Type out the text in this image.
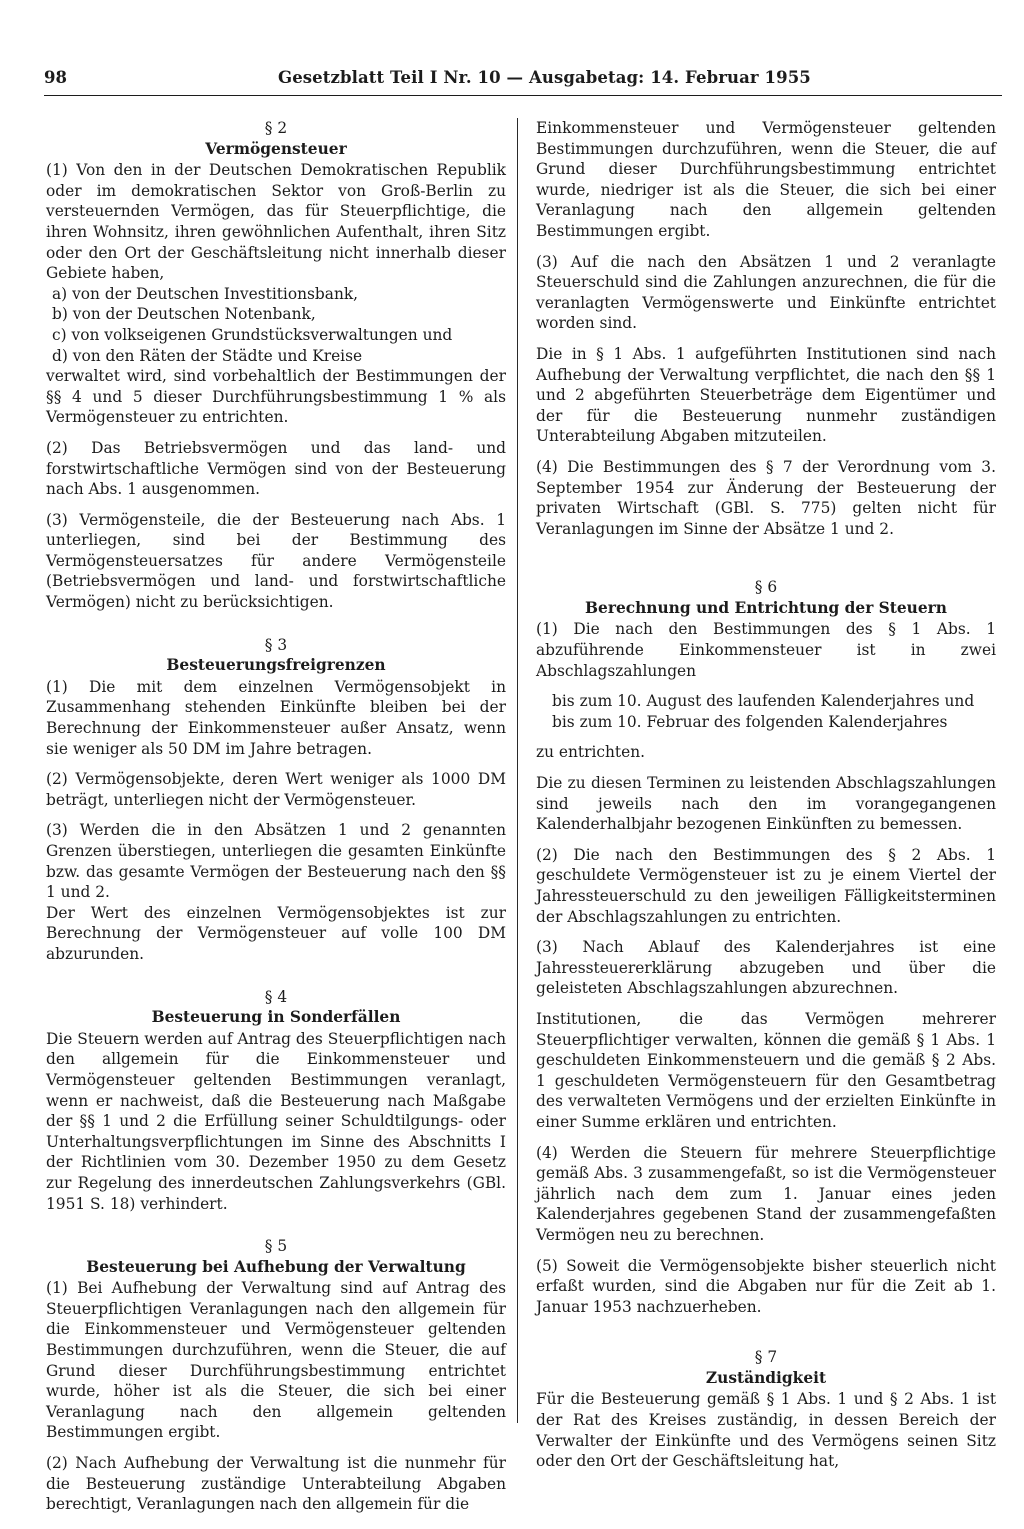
98	Gesetzblatt Teil I Nr. 10 — Ausgabetag: 14. Februar 1955
§ 2
Vermögensteuer

(1) Von den in der Deutschen Demokratischen Republik oder im demokratischen Sektor von Groß-Berlin zu versteuernden Vermögen, das für Steuerpflichtige, die ihren Wohnsitz, ihren gewöhnlichen Aufenthalt, ihren Sitz oder den Ort der Geschäftsleitung nicht innerhalb dieser Gebiete haben,

a) von der Deutschen Investitionsbank,
b) von der Deutschen Notenbank,
c) von volkseigenen Grundstücksverwaltungen und
d) von den Räten der Städte und Kreise

verwaltet wird, sind vorbehaltlich der Bestimmungen der §§ 4 und 5 dieser Durchführungsbestimmung 1 % als Vermögensteuer zu entrichten.

(2) Das Betriebsvermögen und das land- und forstwirtschaftliche Vermögen sind von der Besteuerung nach Abs. 1 ausgenommen.

(3) Vermögensteile, die der Besteuerung nach Abs. 1 unterliegen, sind bei der Bestimmung des Vermögensteuersatzes für andere Vermögensteile (Betriebsvermögen und land- und forstwirtschaftliche Vermögen) nicht zu berücksichtigen.

§ 3
Besteuerungsfreigrenzen

(1) Die mit dem einzelnen Vermögensobjekt in Zusammenhang stehenden Einkünfte bleiben bei der Berechnung der Einkommensteuer außer Ansatz, wenn sie weniger als 50 DM im Jahre betragen.

(2) Vermögensobjekte, deren Wert weniger als 1000 DM beträgt, unterliegen nicht der Vermögensteuer.

(3) Werden die in den Absätzen 1 und 2 genannten Grenzen überstiegen, unterliegen die gesamten Einkünfte bzw. das gesamte Vermögen der Besteuerung nach den §§ 1 und 2.

Der Wert des einzelnen Vermögensobjektes ist zur Berechnung der Vermögensteuer auf volle 100 DM abzurunden.

§ 4
Besteuerung in Sonderfällen

Die Steuern werden auf Antrag des Steuerpflichtigen nach den allgemein für die Einkommensteuer und Vermögensteuer geltenden Bestimmungen veranlagt, wenn er nachweist, daß die Besteuerung nach Maßgabe der §§ 1 und 2 die Erfüllung seiner Schuldtilgungs- oder Unterhaltungsverpflichtungen im Sinne des Abschnitts I der Richtlinien vom 30. Dezember 1950 zu dem Gesetz zur Regelung des innerdeutschen Zahlungsverkehrs (GBl. 1951 S. 18) verhindert.

§ 5
Besteuerung bei Aufhebung der Verwaltung

(1) Bei Aufhebung der Verwaltung sind auf Antrag des Steuerpflichtigen Veranlagungen nach den allgemein für die Einkommensteuer und Vermögensteuer geltenden Bestimmungen durchzuführen, wenn die Steuer, die auf Grund dieser Durchführungsbestimmung entrichtet wurde, höher ist als die Steuer, die sich bei einer Veranlagung nach den allgemein geltenden Bestimmungen ergibt.

(2) Nach Aufhebung der Verwaltung ist die nunmehr für die Besteuerung zuständige Unterabteilung Abgaben berechtigt, Veranlagungen nach den allgemein für die

Einkommensteuer und Vermögensteuer geltenden Bestimmungen durchzuführen, wenn die Steuer, die auf Grund dieser Durchführungsbestimmung entrichtet wurde, niedriger ist als die Steuer, die sich bei einer Veranlagung nach den allgemein geltenden Bestimmungen ergibt.

(3) Auf die nach den Absätzen 1 und 2 veranlagte Steuerschuld sind die Zahlungen anzurechnen, die für die veranlagten Vermögenswerte und Einkünfte entrichtet worden sind.

Die in § 1 Abs. 1 aufgeführten Institutionen sind nach Aufhebung der Verwaltung verpflichtet, die nach den §§ 1 und 2 abgeführten Steuerbeträge dem Eigentümer und der für die Besteuerung nunmehr zuständigen Unterabteilung Abgaben mitzuteilen.

(4) Die Bestimmungen des § 7 der Verordnung vom 3. September 1954 zur Änderung der Besteuerung der privaten Wirtschaft (GBl. S. 775) gelten nicht für Veranlagungen im Sinne der Absätze 1 und 2.

§ 6
Berechnung und Entrichtung der Steuern

(1) Die nach den Bestimmungen des § 1 Abs. 1 abzuführende Einkommensteuer ist in zwei Abschlagszahlungen

bis zum 10. August des laufenden Kalenderjahres und
bis zum 10. Februar des folgenden Kalenderjahres

zu entrichten.

Die zu diesen Terminen zu leistenden Abschlagszahlungen sind jeweils nach den im vorangegangenen Kalenderhalbjahr bezogenen Einkünften zu bemessen.

(2) Die nach den Bestimmungen des § 2 Abs. 1 geschuldete Vermögensteuer ist zu je einem Viertel der Jahressteuerschuld zu den jeweiligen Fälligkeitsterminen der Abschlagszahlungen zu entrichten.

(3) Nach Ablauf des Kalenderjahres ist eine Jahressteuererklärung abzugeben und über die geleisteten Abschlagszahlungen abzurechnen.

Institutionen, die das Vermögen mehrerer Steuerpflichtiger verwalten, können die gemäß § 1 Abs. 1 geschuldeten Einkommensteuern und die gemäß § 2 Abs. 1 geschuldeten Vermögensteuern für den Gesamtbetrag des verwalteten Vermögens und der erzielten Einkünfte in einer Summe erklären und entrichten.

(4) Werden die Steuern für mehrere Steuerpflichtige gemäß Abs. 3 zusammengefaßt, so ist die Vermögensteuer jährlich nach dem zum 1. Januar eines jeden Kalenderjahres gegebenen Stand der zusammengefaßten Vermögen neu zu berechnen.

(5) Soweit die Vermögensobjekte bisher steuerlich nicht erfaßt wurden, sind die Abgaben nur für die Zeit ab 1. Januar 1953 nachzuerheben.

§ 7
Zuständigkeit

Für die Besteuerung gemäß § 1 Abs. 1 und § 2 Abs. 1 ist der Rat des Kreises zuständig, in dessen Bereich der Verwalter der Einkünfte und des Vermögens seinen Sitz oder den Ort der Geschäftsleitung hat,
